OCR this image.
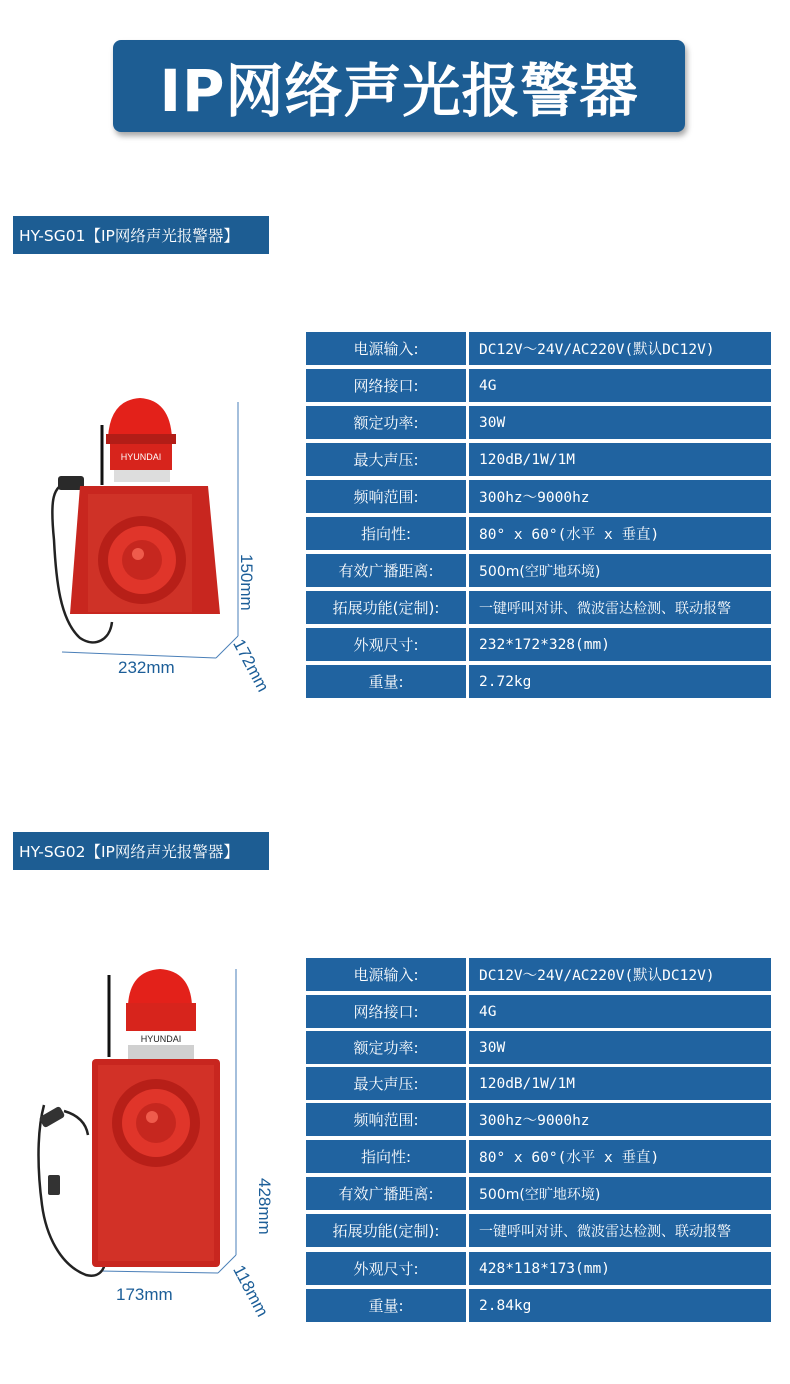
IP网络声光报警器
HY-SG01【IP网络声光报警器】
HYUNDAI
232mm
150mm
172mm
电源输入:	DC12V～24V/AC220V(默认DC12V)
网络接口:	4G
额定功率:	30W
最大声压:	120dB/1W/1M
频响范围:	300hz～9000hz
指向性:	80° x 60°(水平 x 垂直)
有效广播距离:	500m(空旷地环境)
拓展功能(定制):	一键呼叫对讲、微波雷达检测、联动报警
外观尺寸:	232*172*328(mm)
重量:	2.72kg
HY-SG02【IP网络声光报警器】
HYUNDAI
173mm
428mm
118mm
电源输入:	DC12V～24V/AC220V(默认DC12V)
网络接口:	4G
额定功率:	30W
最大声压:	120dB/1W/1M
频响范围:	300hz～9000hz
指向性:	80° x 60°(水平 x 垂直)
有效广播距离:	500m(空旷地环境)
拓展功能(定制):	一键呼叫对讲、微波雷达检测、联动报警
外观尺寸:	428*118*173(mm)
重量:	2.84kg
